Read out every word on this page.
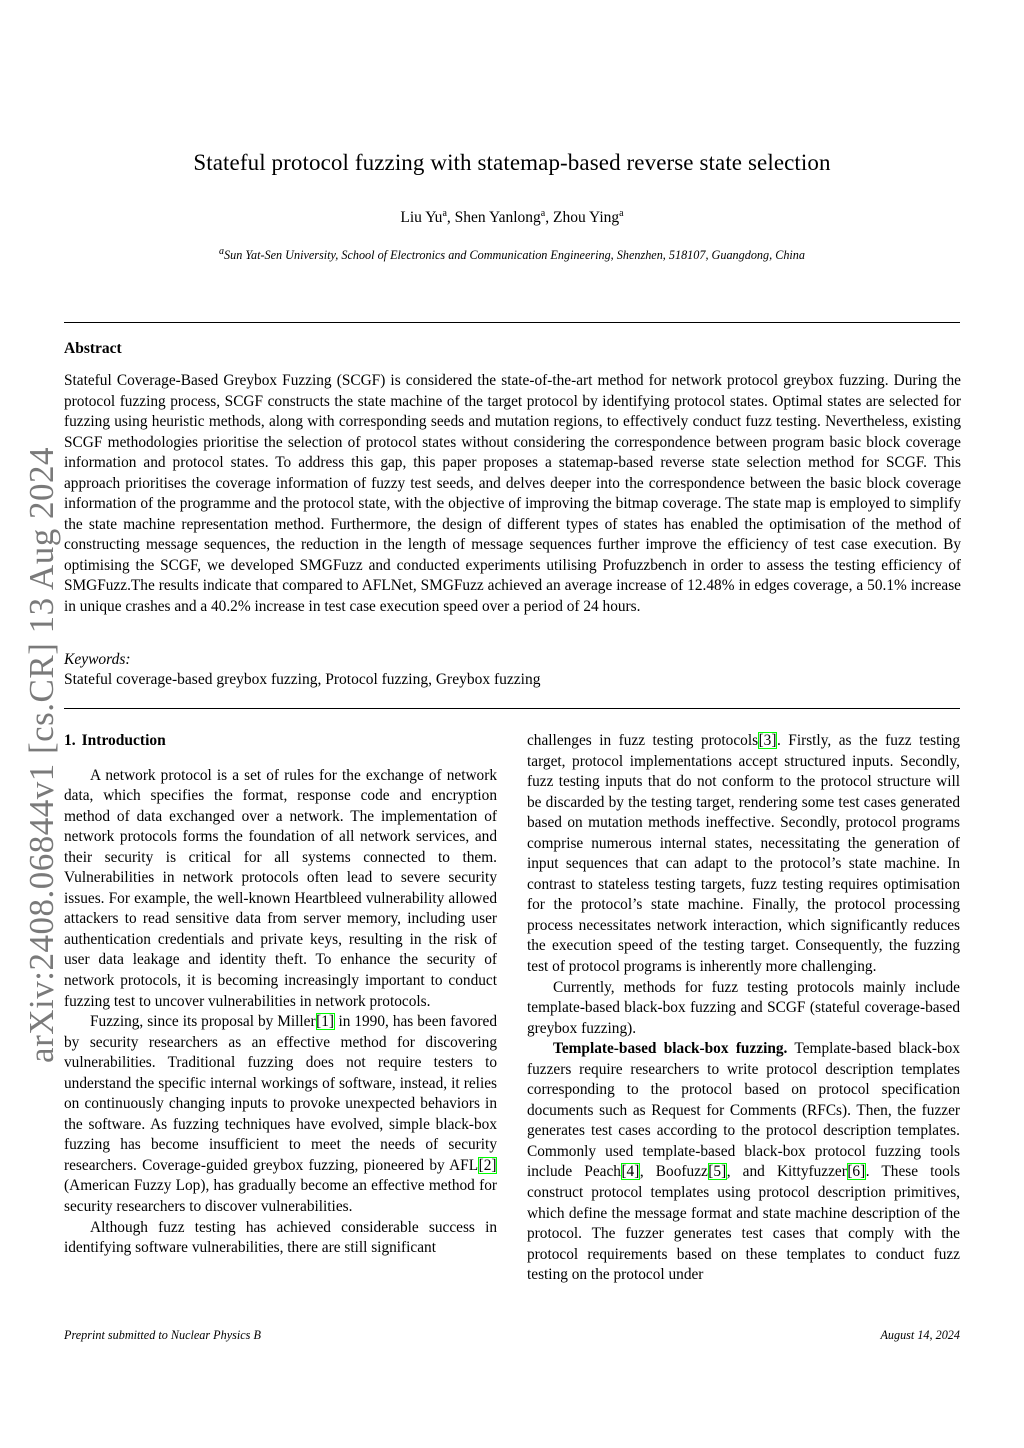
arXiv:2408.06844v1 [cs.CR] 13 Aug 2024
Stateful protocol fuzzing with statemap-based reverse state selection
Liu Yu$^a$, Shen Yanlong$^a$, Zhou Ying$^a$
$^a$Sun Yat-Sen University, School of Electronics and Communication Engineering, Shenzhen, 518107, Guangdong, China
Abstract
Stateful Coverage-Based Greybox Fuzzing (SCGF) is considered the state-of-the-art method for network protocol greybox fuzzing. During the protocol fuzzing process, SCGF constructs the state machine of the target protocol by identifying protocol states. Optimal states are selected for fuzzing using heuristic methods, along with corresponding seeds and mutation regions, to effectively conduct fuzz testing. Nevertheless, existing SCGF methodologies prioritise the selection of protocol states without considering the correspondence between program basic block coverage information and protocol states. To address this gap, this paper proposes a statemap-based reverse state selection method for SCGF. This approach prioritises the coverage information of fuzzy test seeds, and delves deeper into the correspondence between the basic block coverage information of the programme and the protocol state, with the objective of improving the bitmap coverage. The state map is employed to simplify the state machine representation method. Furthermore, the design of different types of states has enabled the optimisation of the method of constructing message sequences, the reduction in the length of message sequences further improve the efficiency of test case execution. By optimising the SCGF, we developed SMGFuzz and conducted experiments utilising Profuzzbench in order to assess the testing efficiency of SMGFuzz.The results indicate that compared to AFLNet, SMGFuzz achieved an average increase of 12.48% in edges coverage, a 50.1% increase in unique crashes and a 40.2% increase in test case execution speed over a period of 24 hours.
Keywords:
Stateful coverage-based greybox fuzzing, Protocol fuzzing, Greybox fuzzing
1. Introduction

A network protocol is a set of rules for the exchange of network data, which specifies the format, response code and encryption method of data exchanged over a network. The implementation of network protocols forms the foundation of all network services, and their security is critical for all systems connected to them. Vulnerabilities in network protocols often lead to severe security issues. For example, the well-known Heartbleed vulnerability allowed attackers to read sensitive data from server memory, including user authentication credentials and private keys, resulting in the risk of user data leakage and identity theft. To enhance the security of network protocols, it is becoming increasingly important to conduct fuzzing test to uncover vulnerabilities in network protocols.

Fuzzing, since its proposal by Miller[1] in 1990, has been favored by security researchers as an effective method for discovering vulnerabilities. Traditional fuzzing does not require testers to understand the specific internal workings of software, instead, it relies on continuously changing inputs to provoke unexpected behaviors in the software. As fuzzing techniques have evolved, simple black-box fuzzing has become insufficient to meet the needs of security researchers. Coverage-guided greybox fuzzing, pioneered by AFL[2] (American Fuzzy Lop), has gradually become an effective method for security researchers to discover vulnerabilities.

Although fuzz testing has achieved considerable success in identifying software vulnerabilities, there are still significant

challenges in fuzz testing protocols[3]. Firstly, as the fuzz testing target, protocol implementations accept structured inputs. Secondly, fuzz testing inputs that do not conform to the protocol structure will be discarded by the testing target, rendering some test cases generated based on mutation methods ineffective. Secondly, protocol programs comprise numerous internal states, necessitating the generation of input sequences that can adapt to the protocol’s state machine. In contrast to stateless testing targets, fuzz testing requires optimisation for the protocol’s state machine. Finally, the protocol processing process necessitates network interaction, which significantly reduces the execution speed of the testing target. Consequently, the fuzzing test of protocol programs is inherently more challenging.

Currently, methods for fuzz testing protocols mainly include template-based black-box fuzzing and SCGF (stateful coverage-based greybox fuzzing).

Template-based black-box fuzzing. Template-based black-box fuzzers require researchers to write protocol description templates corresponding to the protocol based on protocol specification documents such as Request for Comments (RFCs). Then, the fuzzer generates test cases according to the protocol description templates. Commonly used template-based black-box protocol fuzzing tools include Peach[4], Boofuzz[5], and Kittyfuzzer[6]. These tools construct protocol templates using protocol description primitives, which define the message format and state machine description of the protocol. The fuzzer generates test cases that comply with the protocol requirements based on these templates to conduct fuzz testing on the protocol under

Preprint submitted to Nuclear Physics B	August 14, 2024
